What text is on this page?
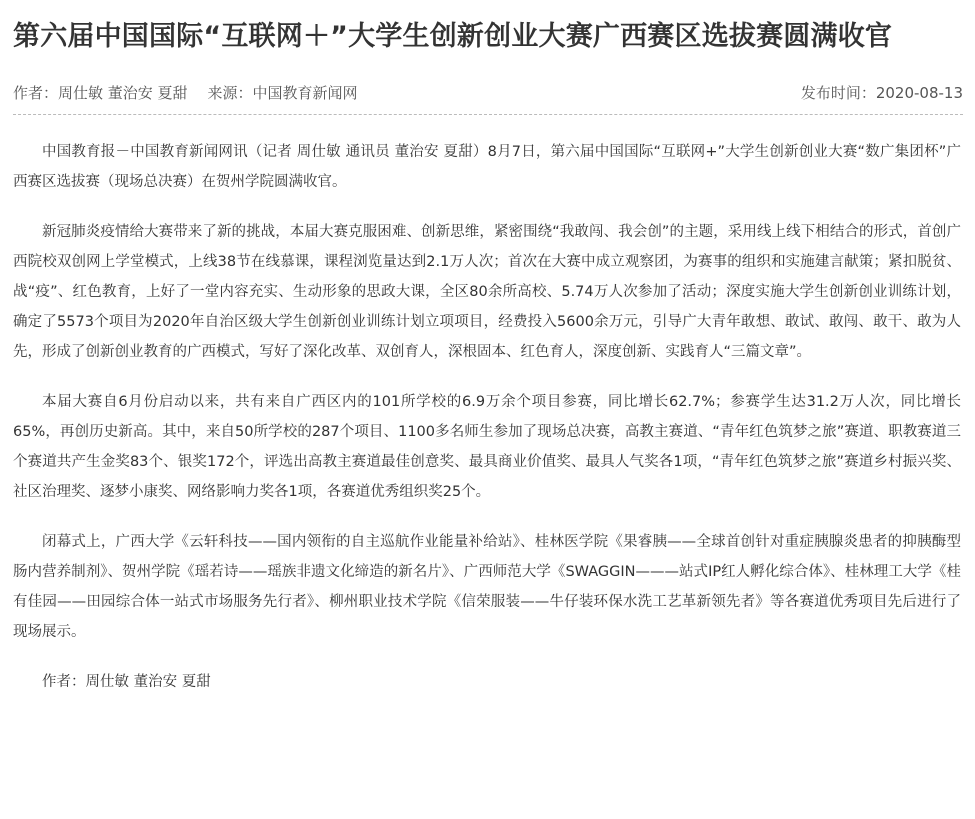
第六届中国国际“互联网＋”大学生创新创业大赛广西赛区选拔赛圆满收官
作者：周仕敏 董治安 夏甜 来源：中国教育新闻网	发布时间：2020-08-13

中国教育报－中国教育新闻网讯（记者 周仕敏 通讯员 董治安 夏甜）8月7日，第六届中国国际“互联网+”大学生创新创业大赛“数广集团杯”广西赛区选拔赛（现场总决赛）在贺州学院圆满收官。

新冠肺炎疫情给大赛带来了新的挑战，本届大赛克服困难、创新思维，紧密围绕“我敢闯、我会创”的主题，采用线上线下相结合的形式，首创广西院校双创网上学堂模式，上线38节在线慕课，课程浏览量达到2.1万人次；首次在大赛中成立观察团，为赛事的组织和实施建言献策；紧扣脱贫、战“疫”、红色教育，上好了一堂内容充实、生动形象的思政大课，全区80余所高校、5.74万人次参加了活动；深度实施大学生创新创业训练计划，确定了5573个项目为2020年自治区级大学生创新创业训练计划立项项目，经费投入5600余万元，引导广大青年敢想、敢试、敢闯、敢干、敢为人先，形成了创新创业教育的广西模式，写好了深化改革、双创育人，深根固本、红色育人，深度创新、实践育人“三篇文章”。

本届大赛自6月份启动以来，共有来自广西区内的101所学校的6.9万余个项目参赛，同比增长62.7%；参赛学生达31.2万人次，同比增长65%，再创历史新高。其中，来自50所学校的287个项目、1100多名师生参加了现场总决赛，高教主赛道、“青年红色筑梦之旅”赛道、职教赛道三个赛道共产生金奖83个、银奖172个，评选出高教主赛道最佳创意奖、最具商业价值奖、最具人气奖各1项，“青年红色筑梦之旅”赛道乡村振兴奖、社区治理奖、逐梦小康奖、网络影响力奖各1项，各赛道优秀组织奖25个。

闭幕式上，广西大学《云轩科技——国内领衔的自主巡航作业能量补给站》、桂林医学院《果睿胰——全球首创针对重症胰腺炎患者的抑胰酶型肠内营养制剂》、贺州学院《瑶若诗——瑶族非遗文化缔造的新名片》、广西师范大学《SWAGGIN———站式IP红人孵化综合体》、桂林理工大学《桂有佳园——田园综合体一站式市场服务先行者》、柳州职业技术学院《信荣服装——牛仔装环保水洗工艺革新领先者》等各赛道优秀项目先后进行了现场展示。

作者：周仕敏 董治安 夏甜
